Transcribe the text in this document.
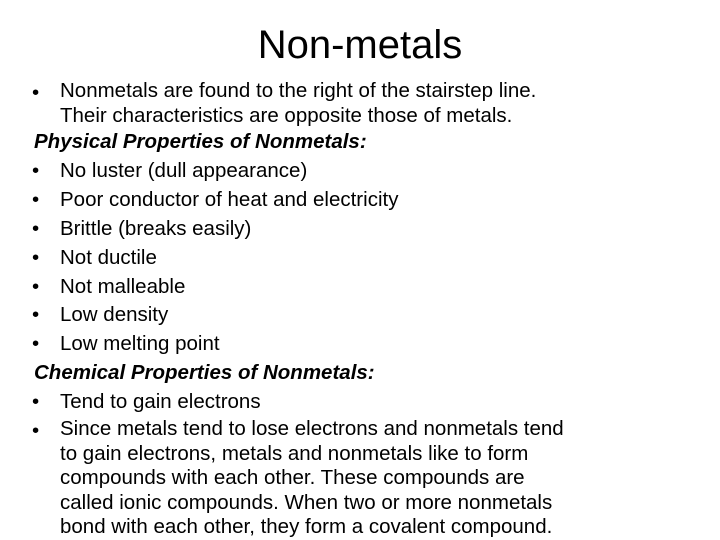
Non-metals
•	Nonmetals are found to the right of the stairstep line.
Their characteristics are opposite those of metals.
Physical Properties of Nonmetals:
•	No luster (dull appearance)
•	Poor conductor of heat and electricity
•	Brittle (breaks easily)
•	Not ductile
•	Not malleable
•	Low density
•	Low melting point
Chemical Properties of Nonmetals:
•	Tend to gain electrons
•	Since metals tend to lose electrons and nonmetals tend
to gain electrons, metals and nonmetals like to form
compounds with each other. These compounds are
called ionic compounds. When two or more nonmetals
bond with each other, they form a covalent compound.
